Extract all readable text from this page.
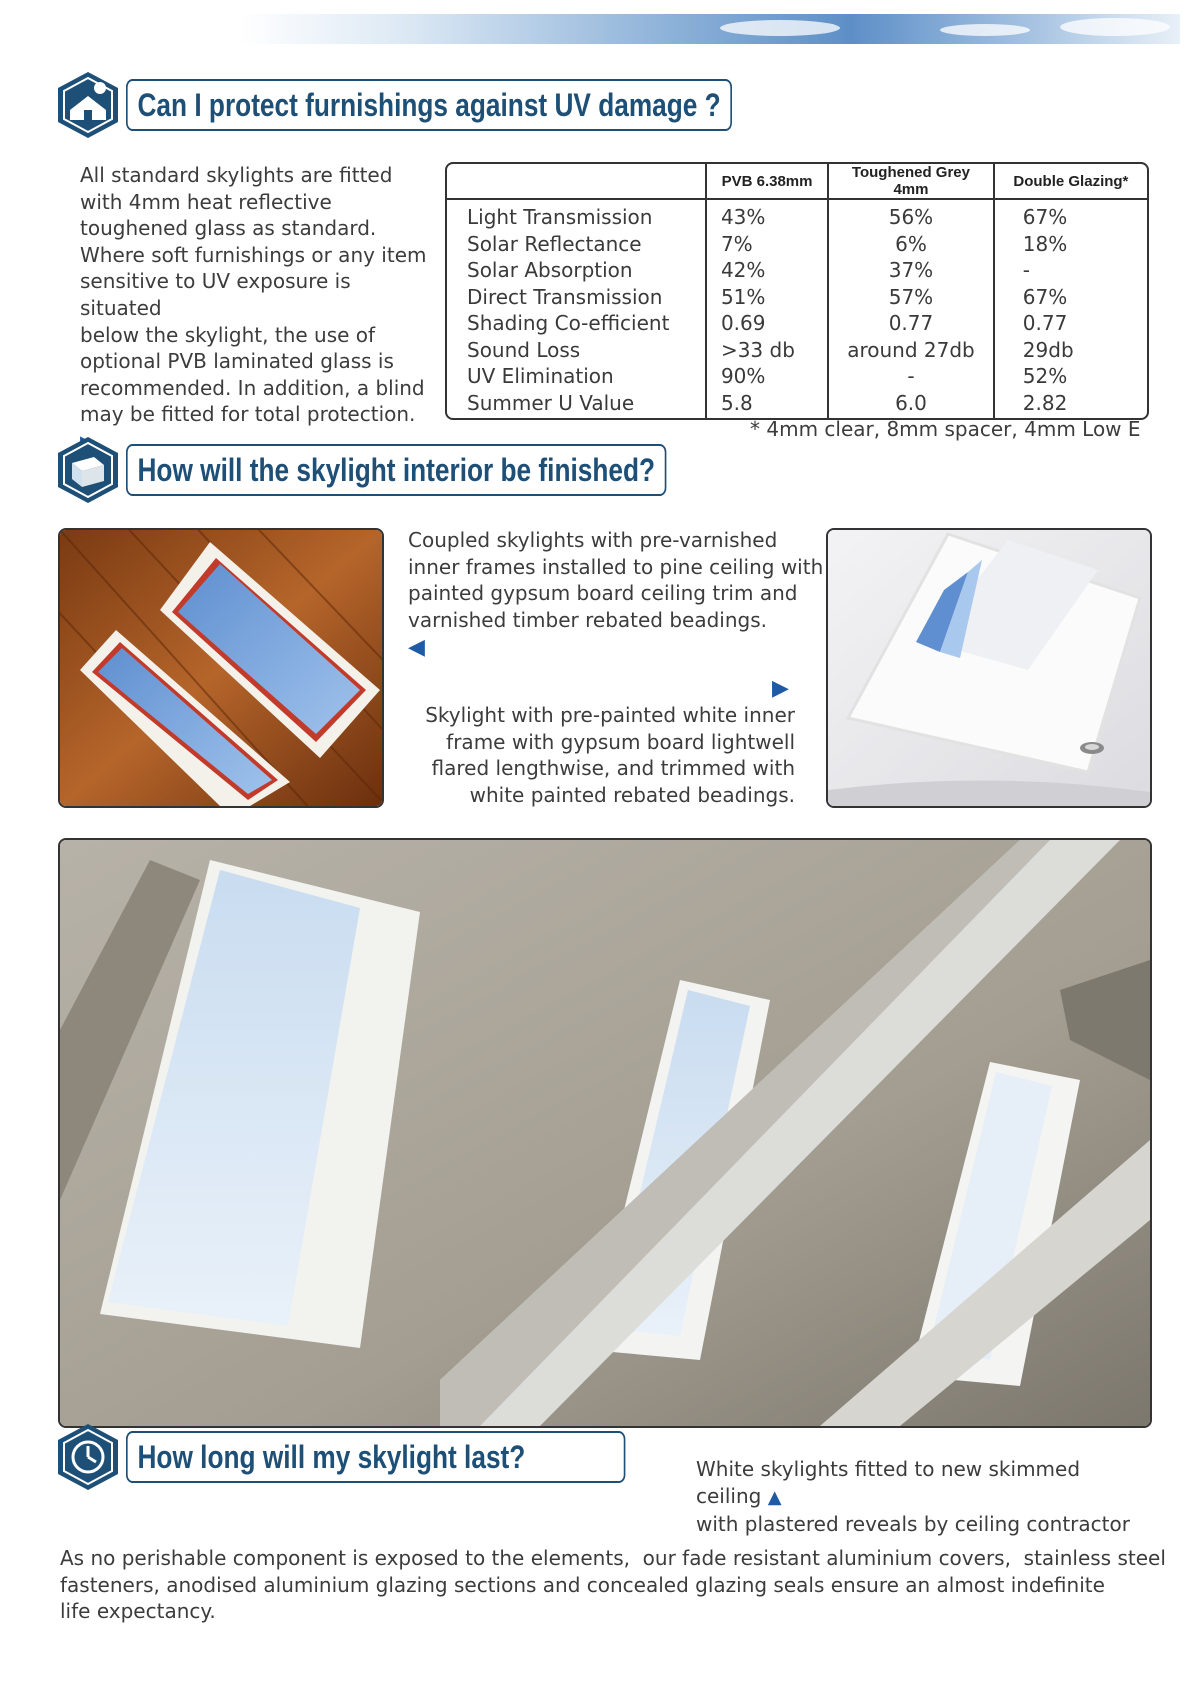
Can I protect furnishings against UV damage ?
All standard skylights are fitted
with 4mm heat reflective
toughened glass as standard.
Where soft furnishings or any item
sensitive to UV exposure is situated
below the skylight, the use of
optional PVB laminated glass is
recommended. In addition, a blind
may be fitted for total protection.
	PVB 6.38mm	Toughened Grey 4mm	Double Glazing*
Light Transmission	43%	56%	67%
Solar Reflectance	7%	6%	18%
Solar Absorption	42%	37%	-
Direct Transmission	51%	57%	67%
Shading Co-efficient	0.69	0.77	0.77
Sound Loss	>33 db	around 27db	29db
UV Elimination	90%	-	52%
Summer U Value	5.8	6.0	2.82
* 4mm clear, 8mm spacer, 4mm Low E
How will the skylight interior be finished?
Coupled skylights with pre-varnished
inner frames installed to pine ceiling with
painted gypsum board ceiling trim and
varnished timber rebated beadings.
◀
▶
Skylight with pre-painted white inner
frame with gypsum board lightwell
flared lengthwise, and trimmed with
white painted rebated beadings.
How long will my skylight last?	White skylights fitted to new skimmed ceiling ▲
with plastered reveals by ceiling contractor
As no perishable component is exposed to the elements,  our fade resistant aluminium covers,  stainless steel
fasteners, anodised aluminium glazing sections and concealed glazing seals ensure an almost indefinite
life expectancy.
